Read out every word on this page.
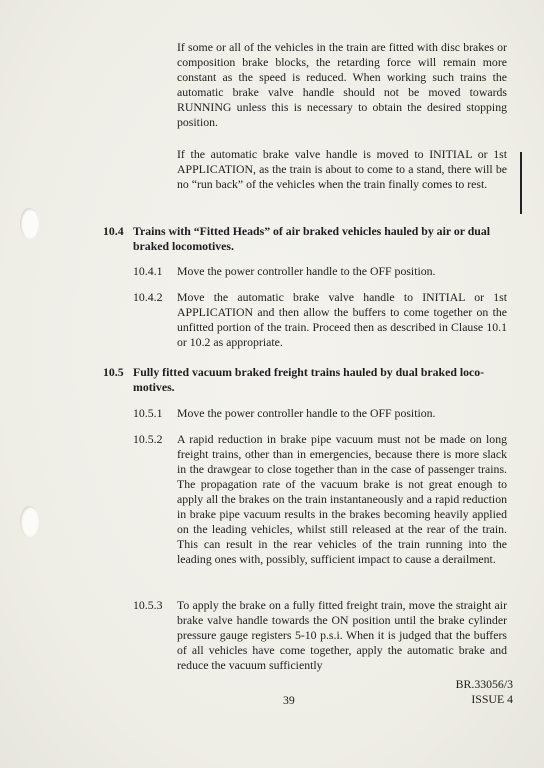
If some or all of the vehicles in the train are fitted with disc brakes or composition brake blocks, the retarding force will remain more constant as the speed is reduced. When working such trains the automatic brake valve handle should not be moved towards RUNNING unless this is necessary to obtain the desired stopping position.
If the automatic brake valve handle is moved to INITIAL or 1st APPLICATION, as the train is about to come to a stand, there will be no “run back” of the vehicles when the train finally comes to rest.
10.4 Trains with “Fitted Heads” of air braked vehicles hauled by air or dual
braked locomotives.
10.4.1 Move the power controller handle to the OFF position.
10.4.2 Move the automatic brake valve handle to INITIAL or 1st APPLICATION and then allow the buffers to come together on the unfitted portion of the train. Proceed then as described in Clause 10.1 or 10.2 as appropriate.
10.5 Fully fitted vacuum braked freight trains hauled by dual braked loco-
motives.
10.5.1 Move the power controller handle to the OFF position.
10.5.2 A rapid reduction in brake pipe vacuum must not be made on long freight trains, other than in emergencies, because there is more slack in the drawgear to close together than in the case of passenger trains. The propagation rate of the vacuum brake is not great enough to apply all the brakes on the train instantaneously and a rapid reduction in brake pipe vacuum results in the brakes becoming heavily applied on the leading vehicles, whilst still released at the rear of the train. This can result in the rear vehicles of the train running into the leading ones with, possibly, sufficient impact to cause a derailment.
10.5.3 To apply the brake on a fully fitted freight train, move the straight air brake valve handle towards the ON position until the brake cylinder pressure gauge registers 5-10 p.s.i. When it is judged that the buffers of all vehicles have come together, apply the automatic brake and reduce the vacuum sufficiently
39
BR.33056/3
ISSUE 4
